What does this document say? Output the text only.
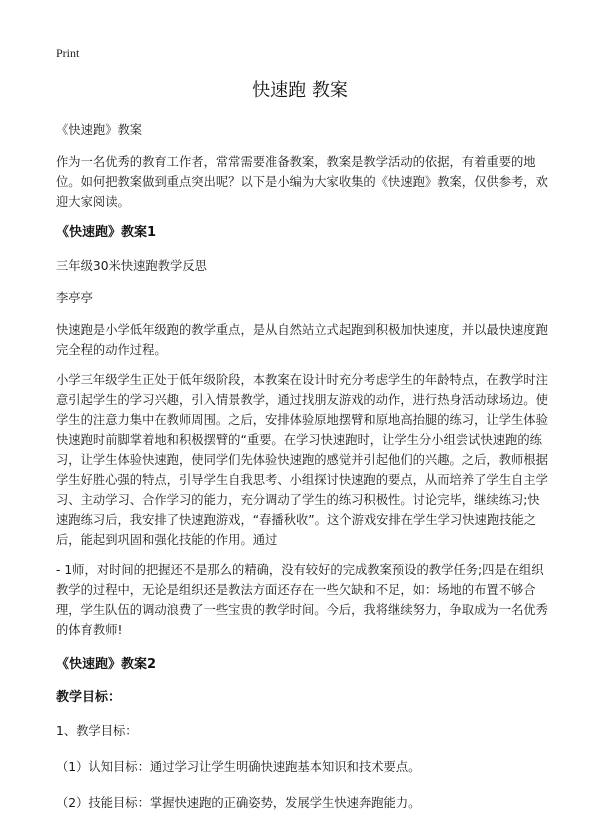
Print
快速跑 教案

《快速跑》教案

作为一名优秀的教育工作者，常常需要准备教案，教案是教学活动的依据，有着重要的地位。如何把教案做到重点突出呢？以下是小编为大家收集的《快速跑》教案，仅供参考，欢迎大家阅读。

《快速跑》教案1

三年级30米快速跑教学反思

李亭亭

快速跑是小学低年级跑的教学重点，是从自然站立式起跑到积极加快速度，并以最快速度跑完全程的动作过程。

小学三年级学生正处于低年级阶段，本教案在设计时充分考虑学生的年龄特点，在教学时注意引起学生的学习兴趣，引入情景教学，通过找朋友游戏的动作，进行热身活动球场边。使学生的注意力集中在教师周围。之后，安排体验原地摆臂和原地高抬腿的练习，让学生体验快速跑时前脚掌着地和积极摆臂的“重要。在学习快速跑时，让学生分小组尝试快速跑的练习，让学生体验快速跑，使同学们先体验快速跑的感觉并引起他们的兴趣。之后，教师根据学生好胜心强的特点，引导学生自我思考、小组探讨快速跑的要点，从而培养了学生自主学习、主动学习、合作学习的能力，充分调动了学生的练习积极性。讨论完毕，继续练习;快速跑练习后，我安排了快速跑游戏，“春播秋收”。这个游戏安排在学生学习快速跑技能之后，能起到巩固和强化技能的作用。通过

- 1师，对时间的把握还不是那么的精确，没有较好的完成教案预设的教学任务;四是在组织教学的过程中，无论是组织还是教法方面还存在一些欠缺和不足，如：场地的布置不够合理，学生队伍的调动浪费了一些宝贵的教学时间。今后，我将继续努力，争取成为一名优秀的体育教师!

《快速跑》教案2
教学目标：

1、教学目标：

（1）认知目标：通过学习让学生明确快速跑基本知识和技术要点。

（2）技能目标：掌握快速跑的正确姿势，发展学生快速奔跑能力。
